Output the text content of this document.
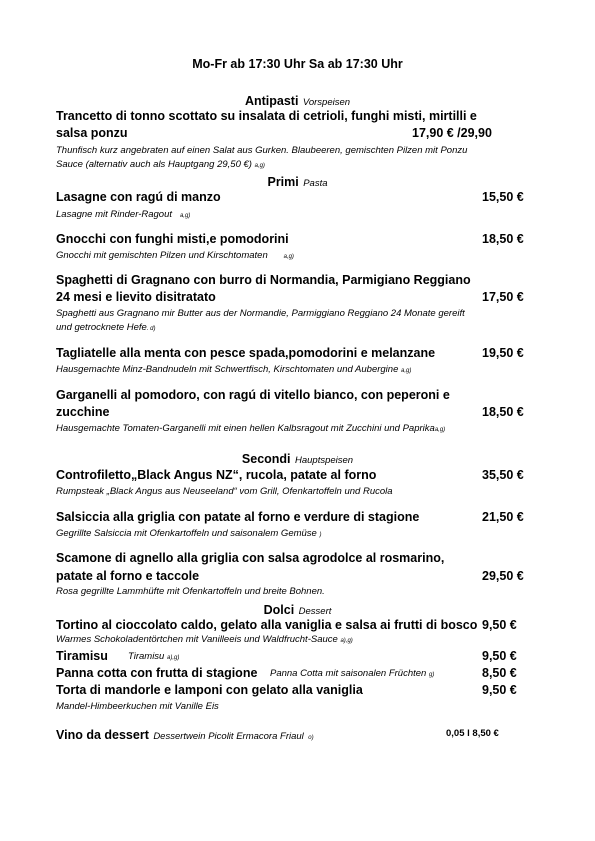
Mo-Fr ab 17:30 Uhr Sa ab 17:30 Uhr
Antipasti Vorspeisen
Trancetto di tonno scottato su insalata di cetrioli, funghi misti, mirtilli e
salsa ponzu	17,90 € /29,90
Thunfisch kurz angebraten auf einen Salat aus Gurken. Blaubeeren, gemischten Pilzen mit Ponzu
Sauce (alternativ auch als Hauptgang 29,50 €) a,g)
Primi Pasta
Lasagne con ragú di manzo	15,50 €
Lasagne mit Rinder-Ragout a,g)
Gnocchi con funghi misti,e pomodorini	18,50 €
Gnocchi mit gemischten Pilzen und Kirschtomaten	a,g)
Spaghetti di Gragnano con burro di Normandia, Parmigiano Reggiano
24 mesi e lievito disitratato	17,50 €
Spaghetti aus Gragnano mir Butter aus der Normandie, Parmiggiano Reggiano 24 Monate gereift
und getrocknete Hefe. d)
Tagliatelle alla menta con pesce spada,pomodorini e melanzane	19,50 €
Hausgemachte Minz-Bandnudeln mit Schwertfisch, Kirschtomaten und Aubergine a,g)
Garganelli al pomodoro, con ragú di vitello bianco, con peperoni e
zucchine	18,50 €
Hausgemachte Tomaten-Garganelli mit einen hellen Kalbsragout mit Zucchini und Paprikaa,g)
Secondi Hauptspeisen
Controfiletto„Black Angus NZ“, rucola, patate al forno	35,50 €
Rumpsteak „Black Angus aus Neuseeland“ vom Grill, Ofenkartoffeln und Rucola
Salsiccia alla griglia con patate al forno e verdure di stagione	21,50 €
Gegrillte Salsiccia mit Ofenkartoffeln und saisonalem Gemüse )
Scamone di agnello alla griglia con salsa agrodolce al rosmarino,
patate al forno e taccole	29,50 €
Rosa gegrillte Lammhüfte mit Ofenkartoffeln und breite Bohnen.
Dolci Dessert
Tortino al cioccolato caldo, gelato alla vaniglia e salsa ai frutti di bosco 9,50 €
Warmes Schokoladentörtchen mit Vanilleeis und Waldfrucht-Sauce a),g)
Tiramisu Tiramisu a),g)	9,50 €
Panna cotta con frutta di stagione Panna Cotta mit saisonalen Früchten g)	8,50 €
Torta di mandorle e lamponi con gelato alla vaniglia	9,50 €
Mandel-Himbeerkuchen mit Vanille Eis
Vino da dessert Dessertwein Picolit Ermacora Friaul o)	0,05 l 8,50 €
